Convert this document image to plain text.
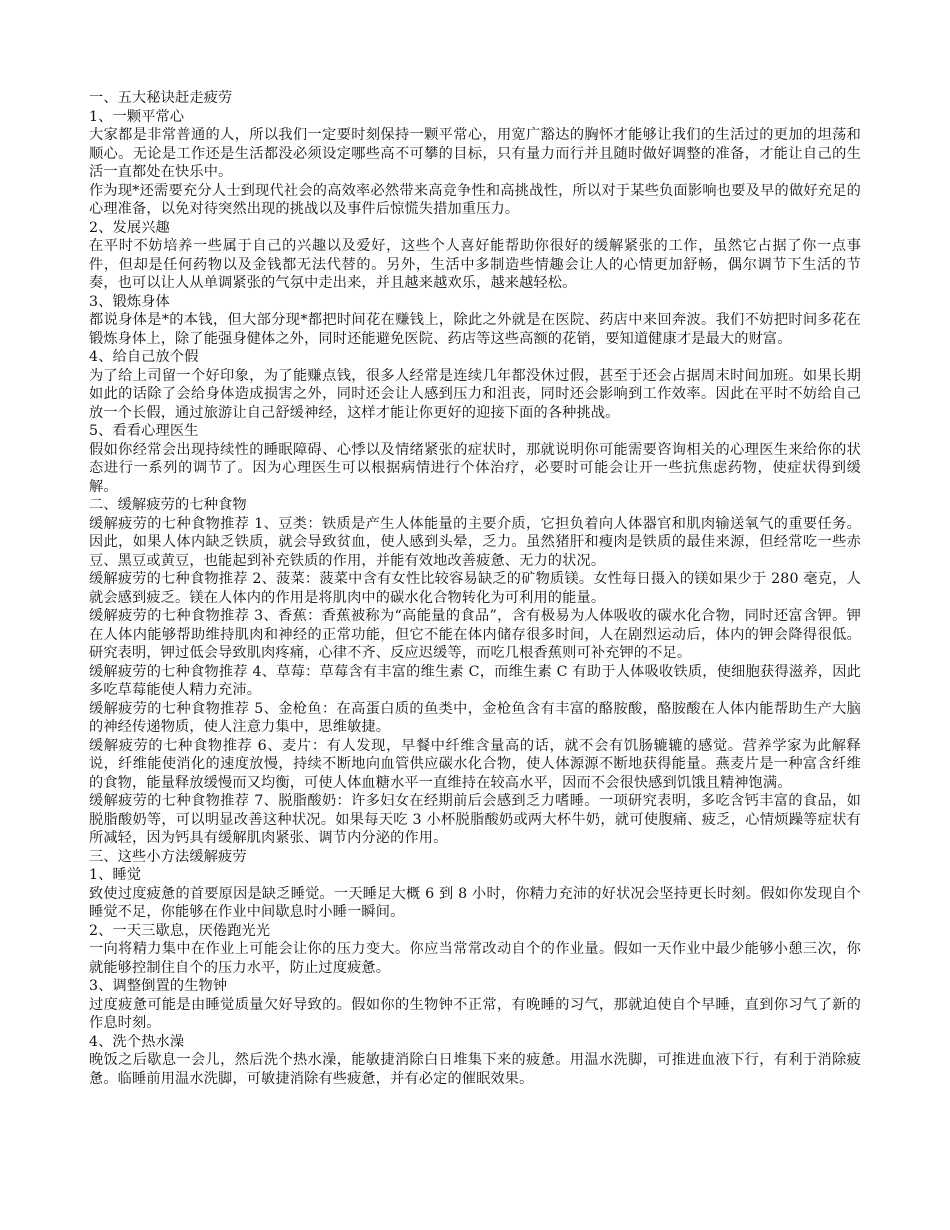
一、五大秘诀赶走疲劳
1、一颗平常心

大家都是非常普通的人，所以我们一定要时刻保持一颗平常心，用宽广豁达的胸怀才能够让我们的生活过的更加的坦荡和顺心。无论是工作还是生活都没必须设定哪些高不可攀的目标，只有量力而行并且随时做好调整的准备，才能让自己的生活一直都处在快乐中。

作为现*还需要充分人士到现代社会的高效率必然带来高竞争性和高挑战性，所以对于某些负面影响也要及早的做好充足的心理准备，以免对待突然出现的挑战以及事件后惊慌失措加重压力。

2、发展兴趣

在平时不妨培养一些属于自己的兴趣以及爱好，这些个人喜好能帮助你很好的缓解紧张的工作，虽然它占据了你一点事件，但却是任何药物以及金钱都无法代替的。另外，生活中多制造些情趣会让人的心情更加舒畅，偶尔调节下生活的节奏，也可以让人从单调紧张的气氛中走出来，并且越来越欢乐，越来越轻松。

3、锻炼身体

都说身体是*的本钱，但大部分现*都把时间花在赚钱上，除此之外就是在医院、药店中来回奔波。我们不妨把时间多花在锻炼身体上，除了能强身健体之外，同时还能避免医院、药店等这些高额的花销，要知道健康才是最大的财富。

4、给自己放个假

为了给上司留一个好印象，为了能赚点钱，很多人经常是连续几年都没休过假，甚至于还会占据周末时间加班。如果长期如此的话除了会给身体造成损害之外，同时还会让人感到压力和沮丧，同时还会影响到工作效率。因此在平时不妨给自己放一个长假，通过旅游让自己舒缓神经，这样才能让你更好的迎接下面的各种挑战。

5、看看心理医生

假如你经常会出现持续性的睡眠障碍、心悸以及情绪紧张的症状时，那就说明你可能需要咨询相关的心理医生来给你的状态进行一系列的调节了。因为心理医生可以根据病情进行个体治疗，必要时可能会让开一些抗焦虑药物，使症状得到缓解。

二、缓解疲劳的七种食物

缓解疲劳的七种食物推荐 1、豆类：铁质是产生人体能量的主要介质，它担负着向人体器官和肌肉输送氧气的重要任务。因此，如果人体内缺乏铁质，就会导致贫血，使人感到头晕，乏力。虽然猪肝和瘦肉是铁质的最佳来源，但经常吃一些赤豆、黑豆或黄豆，也能起到补充铁质的作用，并能有效地改善疲惫、无力的状况。

缓解疲劳的七种食物推荐 2、菠菜：菠菜中含有女性比较容易缺乏的矿物质镁。女性每日摄入的镁如果少于 280 毫克，人就会感到疲乏。镁在人体内的作用是将肌肉中的碳水化合物转化为可利用的能量。

缓解疲劳的七种食物推荐 3、香蕉：香蕉被称为“高能量的食品”，含有极易为人体吸收的碳水化合物，同时还富含钾。钾在人体内能够帮助维持肌肉和神经的正常功能，但它不能在体内储存很多时间，人在剧烈运动后，体内的钾会降得很低。研究表明，钾过低会导致肌肉疼痛，心律不齐、反应迟缓等，而吃几根香蕉则可补充钾的不足。

缓解疲劳的七种食物推荐 4、草莓：草莓含有丰富的维生素 C，而维生素 C 有助于人体吸收铁质，使细胞获得滋养，因此多吃草莓能使人精力充沛。

缓解疲劳的七种食物推荐 5、金枪鱼：在高蛋白质的鱼类中，金枪鱼含有丰富的酪胺酸，酪胺酸在人体内能帮助生产大脑的神经传递物质，使人注意力集中，思维敏捷。

缓解疲劳的七种食物推荐 6、麦片：有人发现，早餐中纤维含量高的话，就不会有饥肠辘辘的感觉。营养学家为此解释说，纤维能使消化的速度放慢，持续不断地向血管供应碳水化合物，使人体源源不断地获得能量。燕麦片是一种富含纤维的食物，能量释放缓慢而又均衡，可使人体血糖水平一直维持在较高水平，因而不会很快感到饥饿且精神饱满。

缓解疲劳的七种食物推荐 7、脱脂酸奶：许多妇女在经期前后会感到乏力嗜睡。一项研究表明，多吃含钙丰富的食品，如脱脂酸奶等，可以明显改善这种状况。如果每天吃 3 小杯脱脂酸奶或两大杯牛奶，就可使腹痛、疲乏，心情烦躁等症状有所减轻，因为钙具有缓解肌肉紧张、调节内分泌的作用。

三、这些小方法缓解疲劳
1、睡觉

致使过度疲惫的首要原因是缺乏睡觉。一天睡足大概 6 到 8 小时，你精力充沛的好状况会坚持更长时刻。假如你发现自个睡觉不足，你能够在作业中间歇息时小睡一瞬间。

2、一天三歇息，厌倦跑光光

一向将精力集中在作业上可能会让你的压力变大。你应当常常改动自个的作业量。假如一天作业中最少能够小憩三次，你就能够控制住自个的压力水平，防止过度疲惫。

3、调整倒置的生物钟

过度疲惫可能是由睡觉质量欠好导致的。假如你的生物钟不正常，有晚睡的习气，那就迫使自个早睡，直到你习气了新的作息时刻。

4、洗个热水澡

晚饭之后歇息一会儿，然后洗个热水澡，能敏捷消除白日堆集下来的疲惫。用温水洗脚，可推进血液下行，有利于消除疲惫。临睡前用温水洗脚，可敏捷消除有些疲惫，并有必定的催眠效果。
